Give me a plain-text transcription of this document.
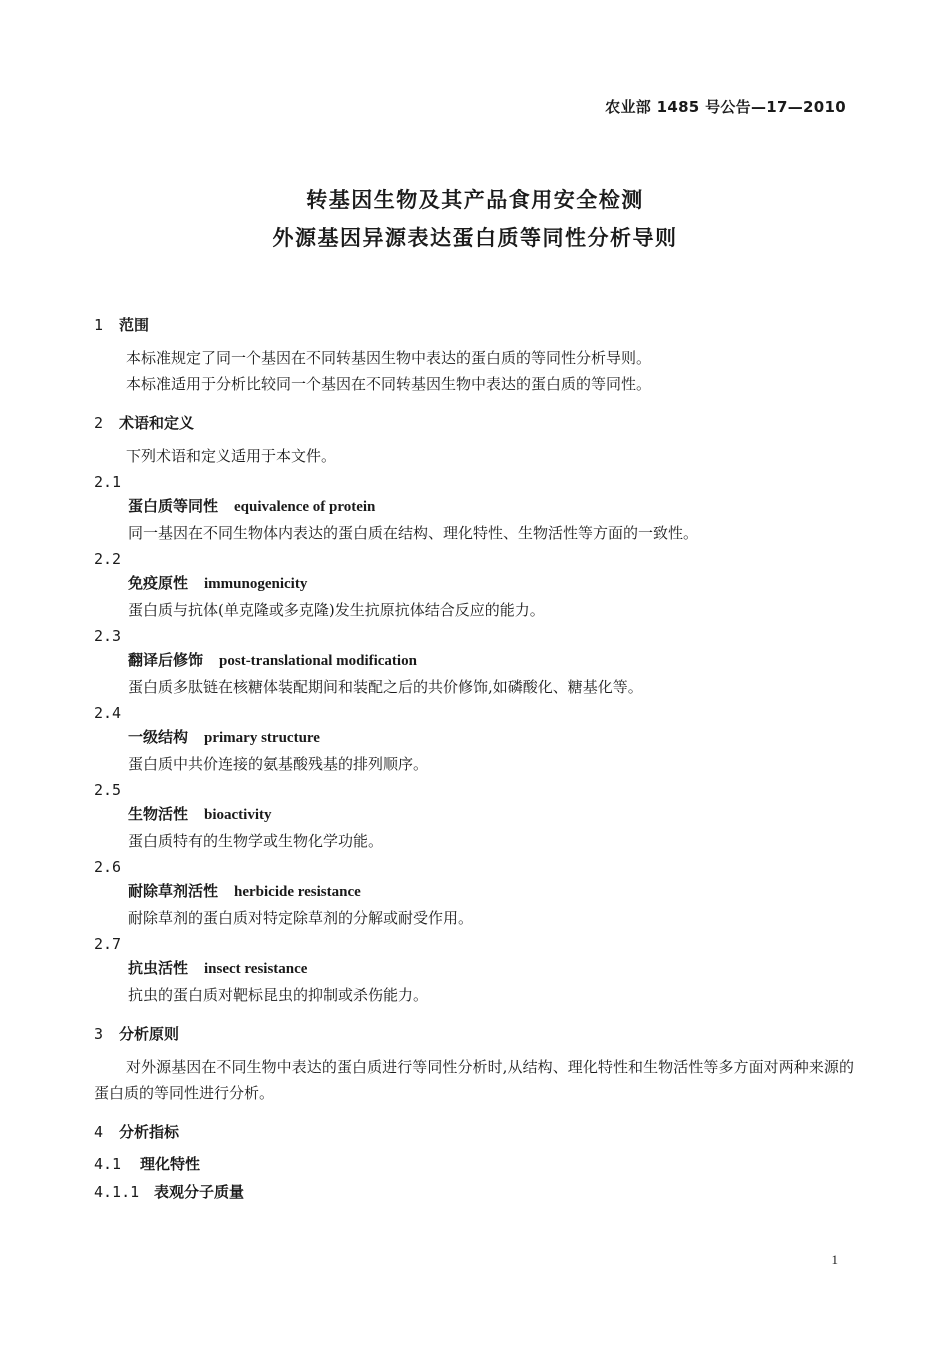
农业部 1485 号公告—17—2010
转基因生物及其产品食用安全检测
外源基因异源表达蛋白质等同性分析导则
1 范围
本标准规定了同一个基因在不同转基因生物中表达的蛋白质的等同性分析导则。
本标准适用于分析比较同一个基因在不同转基因生物中表达的蛋白质的等同性。
2 术语和定义
下列术语和定义适用于本文件。
2.1
蛋白质等同性 equivalence of protein
同一基因在不同生物体内表达的蛋白质在结构、理化特性、生物活性等方面的一致性。
2.2
免疫原性 immunogenicity
蛋白质与抗体(单克隆或多克隆)发生抗原抗体结合反应的能力。
2.3
翻译后修饰 post-translational modification
蛋白质多肽链在核糖体装配期间和装配之后的共价修饰,如磷酸化、糖基化等。
2.4
一级结构 primary structure
蛋白质中共价连接的氨基酸残基的排列顺序。
2.5
生物活性 bioactivity
蛋白质特有的生物学或生物化学功能。
2.6
耐除草剂活性 herbicide resistance
耐除草剂的蛋白质对特定除草剂的分解或耐受作用。
2.7
抗虫活性 insect resistance
抗虫的蛋白质对靶标昆虫的抑制或杀伤能力。
3 分析原则
对外源基因在不同生物中表达的蛋白质进行等同性分析时,从结构、理化特性和生物活性等多方面对两种来源的蛋白质的等同性进行分析。
4 分析指标
4.1 理化特性
4.1.1 表观分子质量
1
